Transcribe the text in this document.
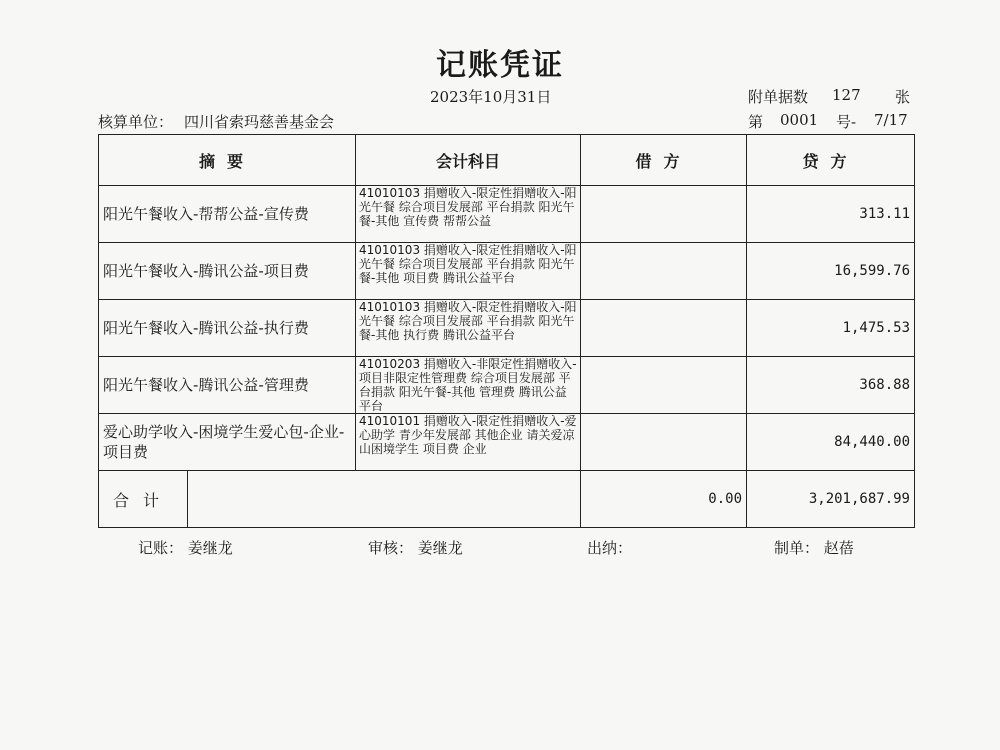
记账凭证
2023年10月31日	附单据数 127 张
核算单位： 四川省索玛慈善基金会	第 0001 号- 7/17
摘要	会计科目	借方	贷方
阳光午餐收入-帮帮公益-宣传费	41010103 捐赠收入-限定性捐赠收入-阳光午餐 综合项目发展部 平台捐款 阳光午餐-其他 宣传费 帮帮公益		313.11
阳光午餐收入-腾讯公益-项目费	41010103 捐赠收入-限定性捐赠收入-阳光午餐 综合项目发展部 平台捐款 阳光午餐-其他 项目费 腾讯公益平台		16,599.76
阳光午餐收入-腾讯公益-执行费	41010103 捐赠收入-限定性捐赠收入-阳光午餐 综合项目发展部 平台捐款 阳光午餐-其他 执行费 腾讯公益平台		1,475.53
阳光午餐收入-腾讯公益-管理费	41010203 捐赠收入-非限定性捐赠收入-项目非限定性管理费 综合项目发展部 平台捐款 阳光午餐-其他 管理费 腾讯公益平台		368.88
爱心助学收入-困境学生爱心包-企业-项目费	41010101 捐赠收入-限定性捐赠收入-爱心助学 青少年发展部 其他企业 请关爱凉山困境学生 项目费 企业		84,440.00

合计		0.00	3,201,687.99
记账： 姜继龙	审核： 姜继龙	出纳：	制单： 赵蓓
